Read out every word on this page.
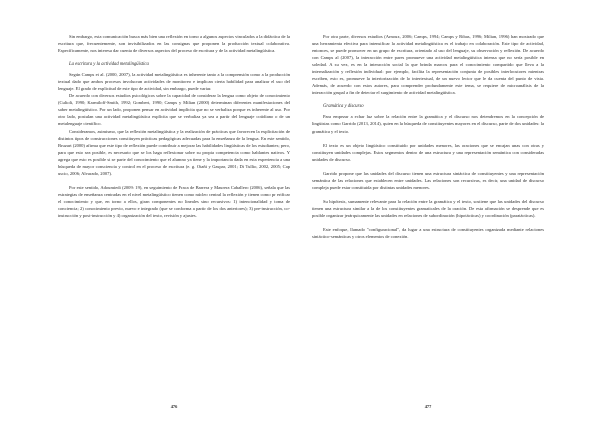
Sin embargo, esta comunicación busca más bien una reflexión en torno a algunos aspectos vinculados a la didáctica de la escritura que, frecuentemente, son invisibilizados en las consignas que proponen la producción textual colaborativa. Específicamente, nos interesa dar cuenta de diversos aspectos del proceso de escritura y de la actividad metalingüística.

La escritura y la actividad metalingüística

Según Camps et al. (2000, 2007), la actividad metalingüística es inherente tanto a la comprensión como a la producción textual dado que ambos procesos involucran actividades de monitoreo e implican cierta habilidad para analizar el uso del lenguaje. El grado de explicitud de este tipo de actividad, sin embargo, puede variar.

De acuerdo con diversos estudios psicológicos sobre la capacidad de considerar la lengua como objeto de conocimiento (Culioli, 1990; Karmiloff-Smith, 1992; Gombert, 1990; Camps y Milian (2000) determinan diferentes manifestaciones del saber metalingüístico. Por un lado, proponen pensar en actividad implícita que no se verbaliza porque es inherente al uso. Por otro lado, postulan una actividad metalingüística explícita que se verbaliza ya sea a partir del lenguaje cotidiano o de un metalenguaje científico.

Consideramos, asimismo, que la reflexión metalingüística y la realización de prácticas que favorecen la explicitación de distintos tipos de construcciones constituyen prácticas pedagógicas adecuadas para la enseñanza de la lengua. En este sentido, Bruzart (2000) afirma que este tipo de reflexión puede contribuir a mejorar las habilidades lingüísticas de los estudiantes; pero, para que esto sea posible, es necesario que se los haga reflexionar sobre su propia competencia como hablantes nativos. Y agrega que esto es posible si se parte del conocimiento que el alumno ya tiene y la importancia dada en esta experiencia a una búsqueda de mayor consciencia y control en el proceso de escritura (e. g. Otañi y Gaspar, 2001; Di Tullio, 2002, 2005; Cap uscio, 2006; Alvarado, 2007).

Por este sentido, Adoumiedi (2009: 19), en seguimiento de Fraca de Barrera y Maurera Caballero (2006), señala que las estrategias de enseñanza centradas en el nivel metalingüístico tienen como núcleo central la reflexión y tienen como pr erificar el conocimiento y que, en torno a ellos, giran componentes no lineales sino recursivos: 1) intencionalidad y toma de conciencia; 2) conocimiento previo, nuevo e integrado (que se conforma a partir de los dos anteriores); 3) pre-instrucción, co-instrucción y post-instrucción y 4) organización del texto, revisión y ajustes.

476

Por otra parte, diversos estudios (Arnoux, 2006; Camps, 1994; Camps y Ribas, 1996; Milian, 1996) han mostrado que una herramienta efectiva para intensificar la actividad metalingüística es el trabajo en colaboración. Este tipo de actividad, entonces, se puede promover en un grupo de escritura, orientado al uso del lenguaje, su observación y reflexión. De acuerdo con Camps al (2007), la interacción entre pares promueve una actividad metalingüística intensa que no sería posible en soledad. A su vez, es en la interacción social la que brinda marcos para el conocimiento compartido que lleva a la internalización y reflexión individual: por ejemplo, facilita la representación conjunta de posibles interlocutores mientras escriben, esto es, promueve la interiorización de lo intertextual, de un nuevo lector que le da cuenta del punto de vista. Además, de acuerdo con estos autores, para comprender profundamente este tema, se requiere de microanálisis de la interacción grupal a fin de detectar el surgimiento de actividad metalingüística.

Gramática y discurso

Para empezar a echar luz sobre la relación entre la gramática y el discurso nos detendremos en la concepción de lingüistas como Garrido (2013, 2014), quien en la búsqueda de constituyentes mayores en el discurso, parte de dos unidades: la gramática y el texto.

El texto es un objeto lingüístico constituido por unidades menores, las oraciones que se encajan unas con otras y constituyen unidades complejas. Estos segmentos dentro de una estructura y una representación semántica con consideradas unidades de discurso.

Garrido propone que las unidades del discurso tienen una estructura sintáctica de constituyentes y una representación semántica de las relaciones que establecen entre unidades. Las relaciones son recursivas, es decir, una unidad de discurso compleja puede estar constituida por distintas unidades menores.

Su hipótesis, sumamente relevante para la relación entre la gramática y el texto, sostiene que las unidades del discurso tienen una estructura similar a la de los constituyentes gramaticales de la oración. De esta afirmación se desprende que es posible organizar jerárquicamente las unidades en relaciones de subordinación (hipotácticas) y coordinación (paratácticas).

Este enfoque, llamado "configuracional", da lugar a una estructura de constituyentes organizada mediante relaciones sintáctico-semánticas y otros elementos de conexión.

477
